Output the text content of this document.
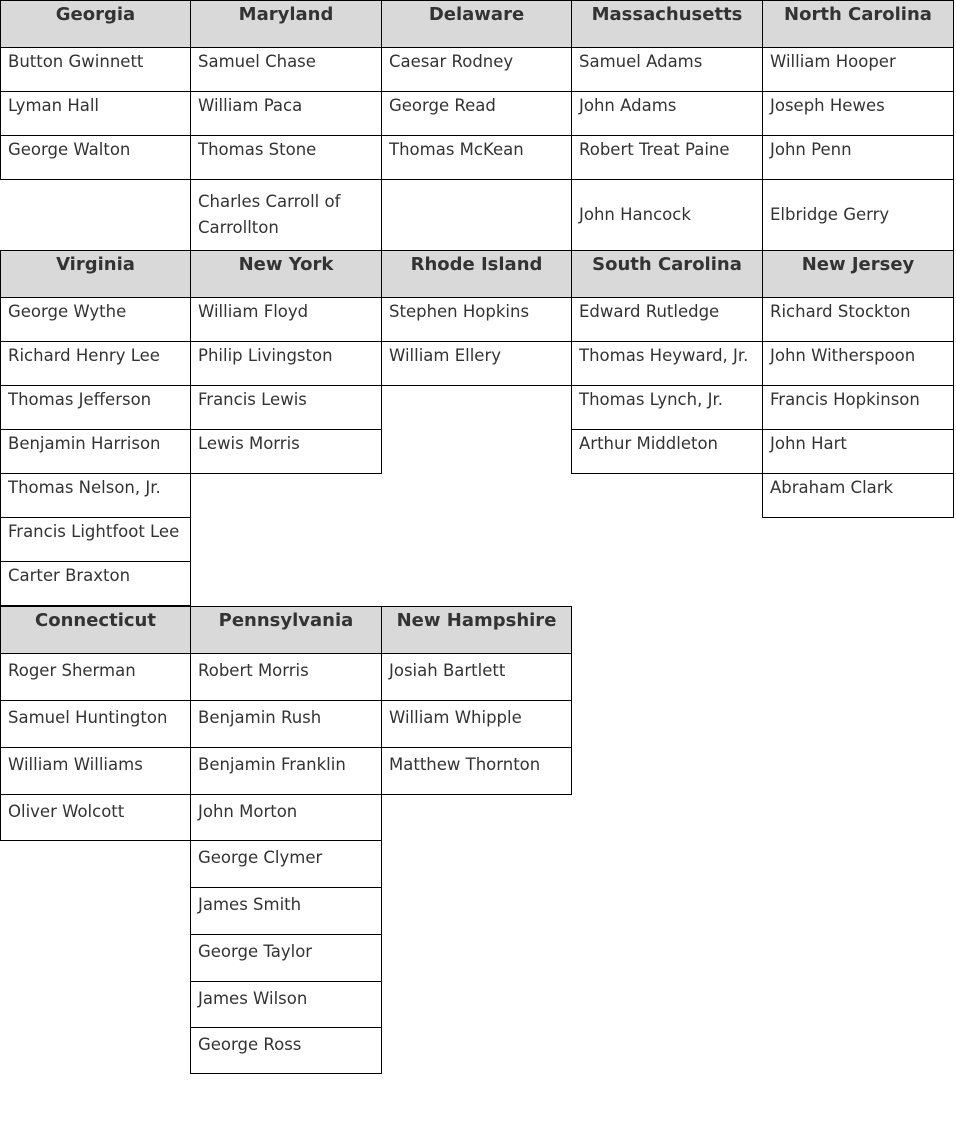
Georgia
Button Gwinnett
Lyman Hall
George Walton
Maryland
Samuel Chase
William Paca
Thomas Stone
Charles Carroll of Carrollton
Delaware
Caesar Rodney
George Read
Thomas McKean
Massachusetts
Samuel Adams
John Adams
Robert Treat Paine
John Hancock
North Carolina
William Hooper
Joseph Hewes
John Penn
Elbridge Gerry
Virginia
George Wythe
Richard Henry Lee
Thomas Jefferson
Benjamin Harrison
Thomas Nelson, Jr.
Francis Lightfoot Lee
Carter Braxton
New York
William Floyd
Philip Livingston
Francis Lewis
Lewis Morris
Rhode Island
Stephen Hopkins
William Ellery
South Carolina
Edward Rutledge
Thomas Heyward, Jr.
Thomas Lynch, Jr.
Arthur Middleton
New Jersey
Richard Stockton
John Witherspoon
Francis Hopkinson
John Hart
Abraham Clark
Connecticut
Roger Sherman
Samuel Huntington
William Williams
Oliver Wolcott
Pennsylvania
Robert Morris
Benjamin Rush
Benjamin Franklin
John Morton
George Clymer
James Smith
George Taylor
James Wilson
George Ross
New Hampshire
Josiah Bartlett
William Whipple
Matthew Thornton
